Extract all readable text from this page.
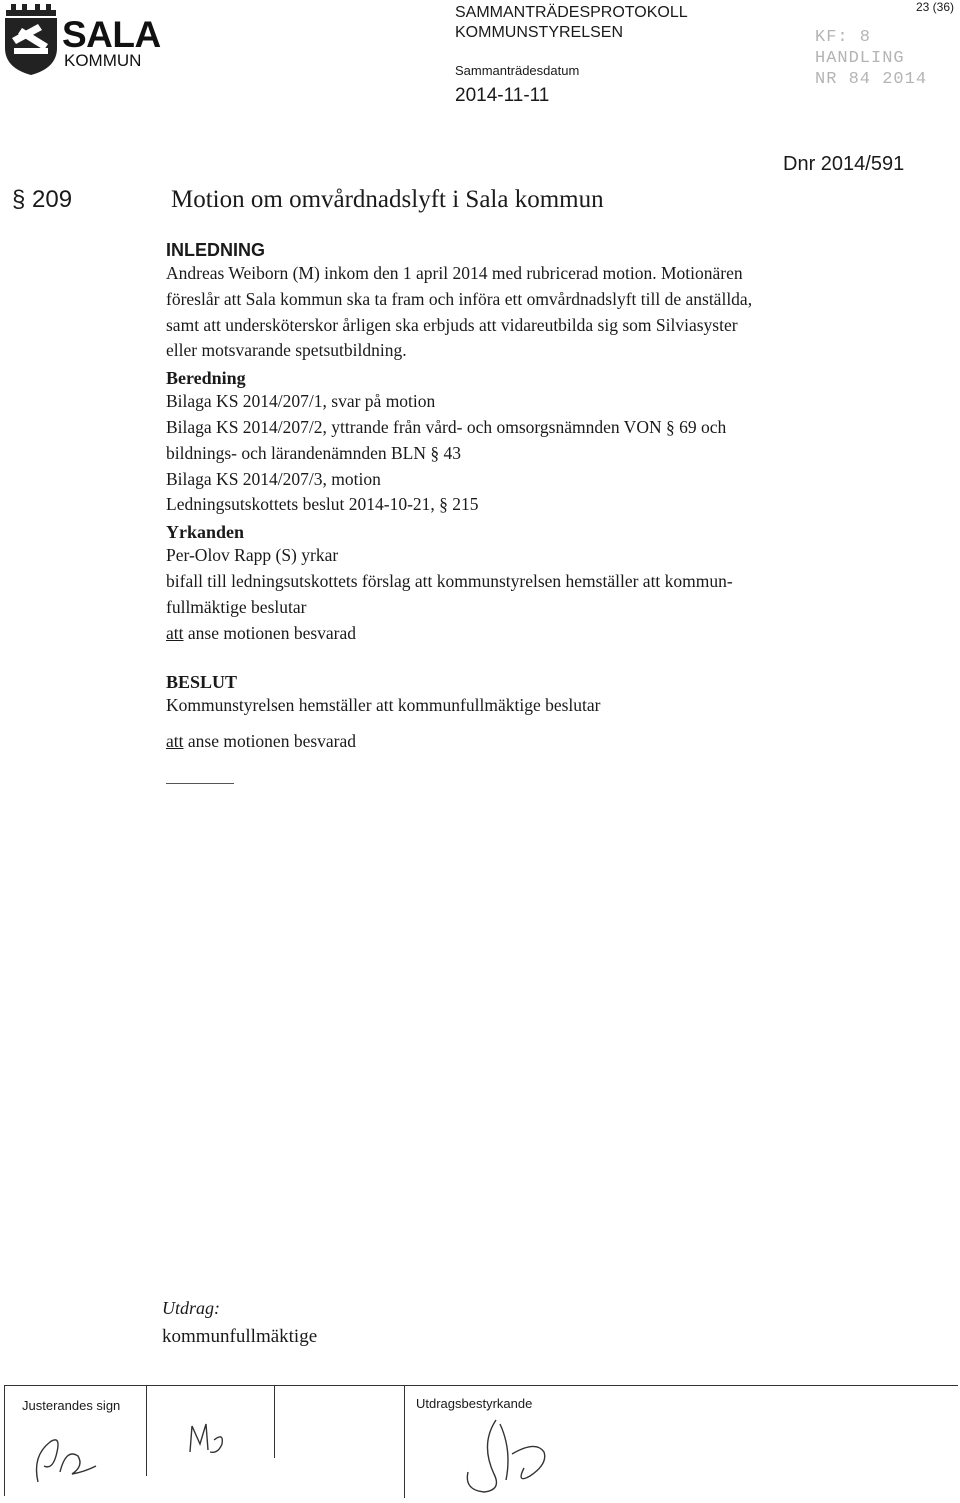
SALA
KOMMUN
SAMMANTRÄDESPROTOKOLL
KOMMUNSTYRELSEN
Sammanträdesdatum
2014-11-11
23 (36)
KF: 8
HANDLING
NR 84 2014
Dnr 2014/591
§ 209	Motion om omvårdnadslyft i Sala kommun
INLEDNING
Andreas Weiborn (M) inkom den 1 april 2014 med rubricerad motion. Motionären
föreslår att Sala kommun ska ta fram och införa ett omvårdnadslyft till de anställda,
samt att undersköterskor årligen ska erbjuds att vidareutbilda sig som Silviasyster
eller motsvarande spetsutbildning.
Beredning
Bilaga KS 2014/207/1, svar på motion
Bilaga KS 2014/207/2, yttrande från vård- och omsorgsnämnden VON § 69 och
bildnings- och lärandenämnden BLN § 43
Bilaga KS 2014/207/3, motion
Ledningsutskottets beslut 2014-10-21, § 215
Yrkanden
Per-Olov Rapp (S) yrkar
bifall till ledningsutskottets förslag att kommunstyrelsen hemställer att kommun-
fullmäktige beslutar
att anse motionen besvarad
BESLUT
Kommunstyrelsen hemställer att kommunfullmäktige beslutar
att anse motionen besvarad
Utdrag:
kommunfullmäktige
Justerandes sign	Utdragsbestyrkande
